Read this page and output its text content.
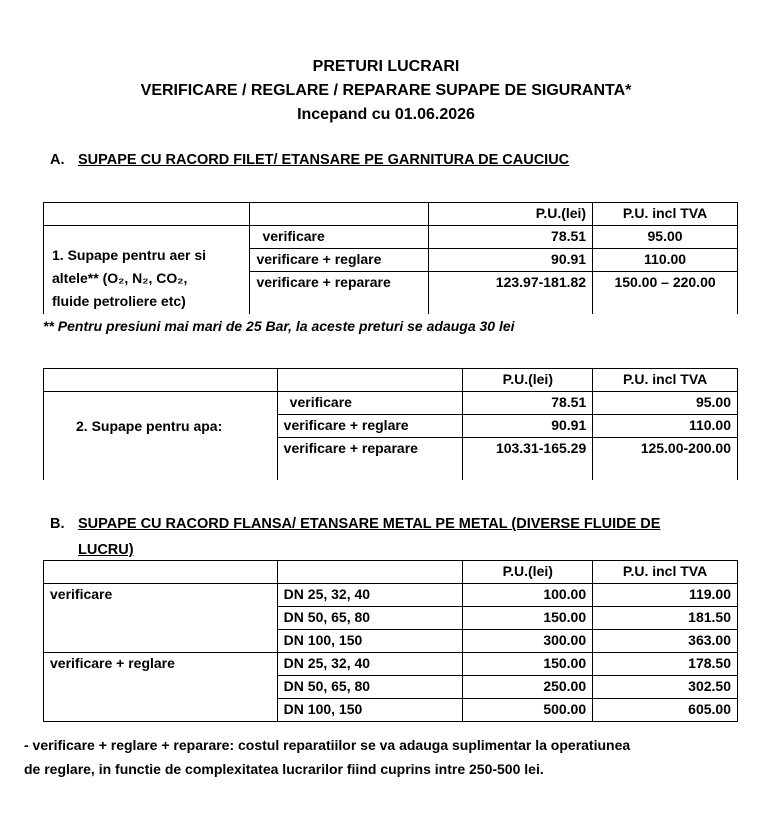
PRETURI LUCRARI
VERIFICARE / REGLARE / REPARARE SUPAPE DE SIGURANTA*
Incepand cu 01.06.2026
A. SUPAPE CU RACORD FILET/ ETANSARE PE GARNITURA DE CAUCIUC
		P.U.(lei)	P.U. incl TVA

1. Supape pentru aer si
altele** (O₂, N₂, CO₂,
fluide petroliere etc)	verificare	78.51	95.00
	verificare + reglare	90.91	110.00
	verificare + reparare	123.97-181.82	150.00 – 220.00
** Pentru presiuni mai mari de 25 Bar, la aceste preturi se adauga 30 lei
		P.U.(lei)	P.U. incl TVA
2. Supape pentru apa:	verificare	78.51	95.00
	verificare + reglare	90.91	110.00
	verificare + reparare	103.31-165.29	125.00-200.00
B. SUPAPE CU RACORD FLANSA/ ETANSARE METAL PE METAL (DIVERSE FLUIDE DE
LUCRU)
		P.U.(lei)	P.U. incl TVA
verificare	DN 25, 32, 40	100.00	119.00
	DN 50, 65, 80	150.00	181.50
	DN 100, 150	300.00	363.00
verificare + reglare	DN 25, 32, 40	150.00	178.50
	DN 50, 65, 80	250.00	302.50
	DN 100, 150	500.00	605.00
- verificare + reglare + reparare: costul reparatiilor se va adauga suplimentar la operatiunea
de reglare, in functie de complexitatea lucrarilor fiind cuprins intre 250-500 lei.
